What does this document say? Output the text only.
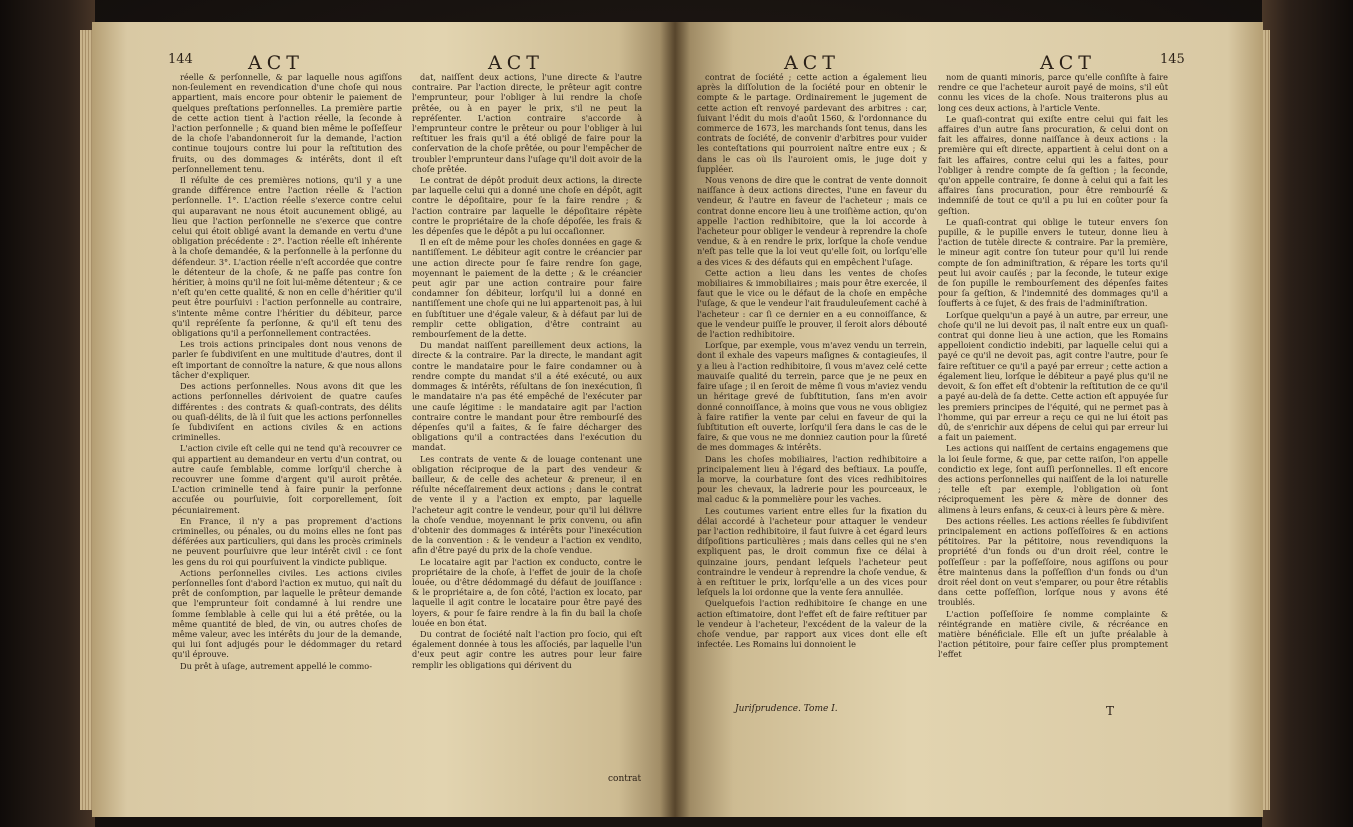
144	ACT	ACT	ACT	ACT	145

réelle & perſonnelle, & par laquelle nous agiſſons non-ſeulement en revendication d'une choſe qui nous appartient, mais encore pour obtenir le paiement de quelques preſtations perſonnelles. La première partie de cette action tient à l'action réelle, la ſeconde à l'action perſonnelle ; & quand bien même le poſſeſſeur de la choſe l'abandonneroit ſur la demande, l'action continue toujours contre lui pour la reſtitution des fruits, ou des dommages & intérêts, dont il eſt perſonnellement tenu.

Il réſulte de ces premières notions, qu'il y a une grande différence entre l'action réelle & l'action perſonnelle. 1°. L'action réelle s'exerce contre celui qui auparavant ne nous étoit aucunement obligé, au lieu que l'action perſonnelle ne s'exerce que contre celui qui étoit obligé avant la demande en vertu d'une obligation précédente : 2°. l'action réelle eſt inhérente à la choſe demandée, & la perſonnelle à la perſonne du défendeur. 3°. L'action réelle n'eſt accordée que contre le détenteur de la choſe, & ne paſſe pas contre ſon héritier, à moins qu'il ne ſoit lui-même détenteur ; & ce n'eſt qu'en cette qualité, & non en celle d'héritier qu'il peut être pourſuivi : l'action perſonnelle au contraire, s'intente même contre l'héritier du débiteur, parce qu'il repréſente ſa perſonne, & qu'il eſt tenu des obligations qu'il a perſonnellement contractées.

Les trois actions principales dont nous venons de parler ſe ſubdiviſent en une multitude d'autres, dont il eſt important de connoître la nature, & que nous allons tâcher d'expliquer.

Des actions perſonnelles. Nous avons dit que les actions perſonnelles dérivoient de quatre cauſes différentes : des contrats & quaſi-contrats, des délits ou quaſi-délits, de là il ſuit que les actions perſonnelles ſe ſubdiviſent en actions civiles & en actions criminelles.

L'action civile eſt celle qui ne tend qu'à recouvrer ce qui appartient au demandeur en vertu d'un contrat, ou autre cauſe ſemblable, comme lorſqu'il cherche à recouvrer une ſomme d'argent qu'il auroit prêtée. L'action criminelle tend à faire punir la perſonne accuſée ou pourſuivie, ſoit corporellement, ſoit pécuniairement.

En France, il n'y a pas proprement d'actions criminelles, ou pénales, ou du moins elles ne ſont pas déférées aux particuliers, qui dans les procès criminels ne peuvent pourſuivre que leur intérêt civil : ce ſont les gens du roi qui pourſuivent la vindicte publique.

Actions perſonnelles civiles. Les actions civiles perſonnelles ſont d'abord l'action ex mutuo, qui naît du prêt de conſomption, par laquelle le prêteur demande que l'emprunteur ſoit condamné à lui rendre une ſomme ſemblable à celle qui lui a été prêtée, ou la même quantité de bled, de vin, ou autres choſes de même valeur, avec les intérêts du jour de la demande, qui lui ſont adjugés pour le dédommager du retard qu'il éprouve.

Du prêt à uſage, autrement appellé le commo-

dat, naiſſent deux actions, l'une directe & l'autre contraire. Par l'action directe, le prêteur agit contre l'emprunteur, pour l'obliger à lui rendre la choſe prêtée, ou à en payer le prix, s'il ne peut la repréſenter. L'action contraire s'accorde à l'emprunteur contre le prêteur ou pour l'obliger à lui reſtituer les frais qu'il a été obligé de faire pour la conſervation de la choſe prêtée, ou pour l'empêcher de troubler l'emprunteur dans l'uſage qu'il doit avoir de la choſe prêtée.

Le contrat de dépôt produit deux actions, la directe par laquelle celui qui a donné une choſe en dépôt, agit contre le dépoſitaire, pour ſe la faire rendre ; & l'action contraire par laquelle le dépoſitaire répète contre le propriétaire de la choſe dépoſée, les frais & les dépenſes que le dépôt a pu lui occaſionner.

Il en eſt de même pour les choſes données en gage & nantiſſement. Le débiteur agit contre le créancier par une action directe pour ſe faire rendre ſon gage, moyennant le paiement de la dette ; & le créancier peut agir par une action contraire pour faire condamner ſon débiteur, lorſqu'il lui a donné en nantiſſement une choſe qui ne lui appartenoit pas, à lui en ſubſtituer une d'égale valeur, & à défaut par lui de remplir cette obligation, d'être contraint au rembourſement de la dette.

Du mandat naiſſent pareillement deux actions, la directe & la contraire. Par la directe, le mandant agit contre le mandataire pour le faire condamner ou à rendre compte du mandat s'il a été exécuté, ou aux dommages & intérêts, réſultans de ſon inexécution, ſi le mandataire n'a pas été empêché de l'exécuter par une cauſe légitime : le mandataire agit par l'action contraire contre le mandant pour être rembourſé des dépenſes qu'il a faites, & ſe faire décharger des obligations qu'il a contractées dans l'exécution du mandat.

Les contrats de vente & de louage contenant une obligation réciproque de la part des vendeur & bailleur, & de celle des acheteur & preneur, il en réſulte néceſſairement deux actions ; dans le contrat de vente il y a l'action ex empto, par laquelle l'acheteur agit contre le vendeur, pour qu'il lui délivre la choſe vendue, moyennant le prix convenu, ou afin d'obtenir des dommages & intérêts pour l'inexécution de la convention : & le vendeur a l'action ex vendito, afin d'être payé du prix de la choſe vendue.

Le locataire agit par l'action ex conducto, contre le propriétaire de la choſe, à l'effet de jouir de la choſe louée, ou d'être dédommagé du défaut de jouiſſance : & le propriétaire a, de ſon côté, l'action ex locato, par laquelle il agit contre le locataire pour être payé des loyers, & pour ſe faire rendre à la fin du bail la choſe louée en bon état.

Du contrat de ſociété naît l'action pro ſocio, qui eſt également donnée à tous les aſſociés, par laquelle l'un d'eux peut agir contre les autres pour leur faire remplir les obligations qui dérivent du

contrat

contrat de ſociété ; cette action a également lieu après la diſſolution de la ſociété pour en obtenir le compte & le partage. Ordinairement le jugement de cette action eſt renvoyé pardevant des arbitres : car, ſuivant l'édit du mois d'août 1560, & l'ordonnance du commerce de 1673, les marchands ſont tenus, dans les contrats de ſociété, de convenir d'arbitres pour vuider les conteſtations qui pourroient naître entre eux ; & dans le cas où ils l'auroient omis, le juge doit y ſuppléer.

Nous venons de dire que le contrat de vente donnoit naiſſance à deux actions directes, l'une en faveur du vendeur, & l'autre en faveur de l'acheteur ; mais ce contrat donne encore lieu à une troiſième action, qu'on appelle l'action redhibitoire, que la loi accorde à l'acheteur pour obliger le vendeur à reprendre la choſe vendue, & à en rendre le prix, lorſque la choſe vendue n'eſt pas telle que la loi veut qu'elle ſoit, ou lorſqu'elle a des vices & des défauts qui en empêchent l'uſage.

Cette action a lieu dans les ventes de choſes mobiliaires & immobiliaires ; mais pour être exercée, il faut que le vice ou le défaut de la choſe en empêche l'uſage, & que le vendeur l'ait frauduleuſement caché à l'acheteur : car ſi ce dernier en a eu connoiſſance, & que le vendeur puiſſe le prouver, il ſeroit alors débouté de l'action redhibitoire.

Lorſque, par exemple, vous m'avez vendu un terrein, dont il exhale des vapeurs maſignes & contagieuſes, il y a lieu à l'action redhibitoire, ſi vous m'avez celé cette mauvaiſe qualité du terrein, parce que je ne peux en faire uſage ; il en ſeroit de même ſi vous m'aviez vendu un héritage grevé de ſubſtitution, ſans m'en avoir donné connoiſſance, à moins que vous ne vous obligiez à faire ratifier la vente par celui en faveur de qui la ſubſtitution eſt ouverte, lorſqu'il ſera dans le cas de le faire, & que vous ne me donniez caution pour la ſûreté de mes dommages & intérêts.

Dans les choſes mobiliaires, l'action redhibitoire a principalement lieu à l'égard des beſtiaux. La pouſſe, la morve, la courbature ſont des vices redhibitoires pour les chevaux, la ladrerie pour les pourceaux, le mal caduc & la pommelière pour les vaches.

Les coutumes varient entre elles ſur la fixation du délai accordé à l'acheteur pour attaquer le vendeur par l'action redhibitoire, il faut ſuivre à cet égard leurs diſpoſitions particulières ; mais dans celles qui ne s'en expliquent pas, le droit commun fixe ce délai à quinzaine jours, pendant leſquels l'acheteur peut contraindre le vendeur à reprendre la choſe vendue, & à en reſtituer le prix, lorſqu'elle a un des vices pour leſquels la loi ordonne que la vente ſera annullée.

Quelquefois l'action redhibitoire ſe change en une action eſtimatoire, dont l'effet eſt de faire reſtituer par le vendeur à l'acheteur, l'excédent de la valeur de la choſe vendue, par rapport aux vices dont elle eſt infectée. Les Romains lui donnoient le

Juriſprudence. Tome I.

nom de quanti minoris, parce qu'elle conſiſte à faire rendre ce que l'acheteur auroit payé de moins, s'il eût connu les vices de la choſe. Nous traiterons plus au long ces deux actions, à l'article Vente.

Le quaſi-contrat qui exiſte entre celui qui fait les affaires d'un autre ſans procuration, & celui dont on fait les affaires, donne naiſſance à deux actions : la première qui eſt directe, appartient à celui dont on a fait les affaires, contre celui qui les a faites, pour l'obliger à rendre compte de ſa geſtion ; la ſeconde, qu'on appelle contraire, ſe donne à celui qui a fait les affaires ſans procuration, pour être rembourſé & indemniſé de tout ce qu'il a pu lui en coûter pour ſa geſtion.

Le quaſi-contrat qui oblige le tuteur envers ſon pupille, & le pupille envers le tuteur, donne lieu à l'action de tutèle directe & contraire. Par la première, le mineur agit contre ſon tuteur pour qu'il lui rende compte de ſon adminiſtration, & répare les torts qu'il peut lui avoir cauſés ; par la ſeconde, le tuteur exige de ſon pupille le rembourſement des dépenſes faites pour ſa geſtion, & l'indemnité des dommages qu'il a ſoufferts à ce ſujet, & des frais de l'adminiſtration.

Lorſque quelqu'un a payé à un autre, par erreur, une choſe qu'il ne lui devoit pas, il naît entre eux un quaſi-contrat qui donne lieu à une action, que les Romains appelloient condictio indebiti, par laquelle celui qui a payé ce qu'il ne devoit pas, agit contre l'autre, pour ſe faire reſtituer ce qu'il a payé par erreur ; cette action a également lieu, lorſque le débiteur a payé plus qu'il ne devoit, & ſon effet eſt d'obtenir la reſtitution de ce qu'il a payé au-delà de ſa dette. Cette action eſt appuyée ſur les premiers principes de l'équité, qui ne permet pas à l'homme, qui par erreur a reçu ce qui ne lui étoit pas dû, de s'enrichir aux dépens de celui qui par erreur lui a fait un paiement.

Les actions qui naiſſent de certains engagemens que la loi ſeule forme, & que, par cette raiſon, l'on appelle condictio ex lege, ſont auſſi perſonnelles. Il eſt encore des actions perſonnelles qui naiſſent de la loi naturelle ; telle eſt par exemple, l'obligation où ſont réciproquement les père & mère de donner des alimens à leurs enfans, & ceux-ci à leurs père & mère.

Des actions réelles. Les actions réelles ſe ſubdiviſent principalement en actions poſſeſſoires & en actions pétitoires. Par la pétitoire, nous revendiquons la propriété d'un fonds ou d'un droit réel, contre le poſſeſſeur : par la poſſeſſoire, nous agiſſons ou pour être maintenus dans la poſſeſſion d'un fonds ou d'un droit réel dont on veut s'emparer, ou pour être rétablis dans cette poſſeſſion, lorſque nous y avons été troublés.

L'action poſſeſſoire ſe nomme complainte & réintégrande en matière civile, & récréance en matière bénéficiale. Elle eſt un juſte préalable à l'action pétitoire, pour faire ceſſer plus promptement l'effet

T
